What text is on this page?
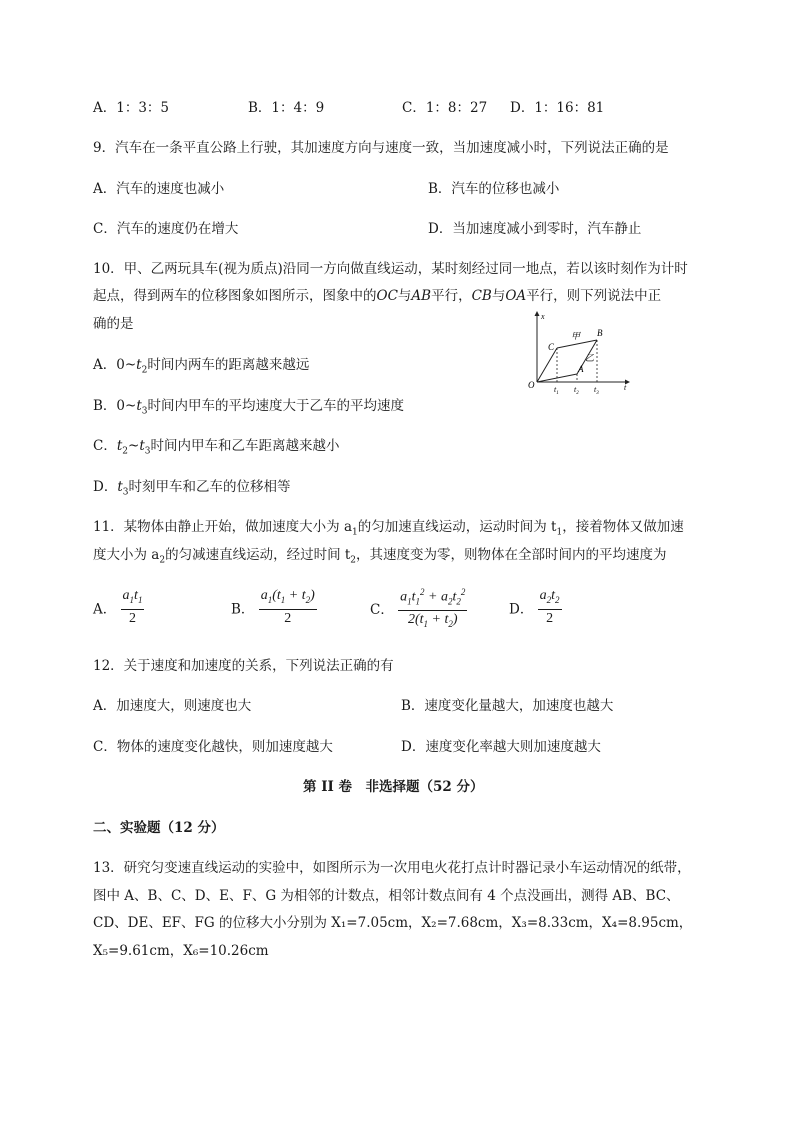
A．1：3：5	B．1：4：9	C．1：8：27 D．1：16：81
9．汽车在一条平直公路上行驶，其加速度方向与速度一致，当加速度减小时，下列说法正确的是
A．汽车的速度也减小	B．汽车的位移也减小
C．汽车的速度仍在增大	D．当加速度减小到零时，汽车静止
10．甲、乙两玩具车(视为质点)沿同一方向做直线运动，某时刻经过同一地点，若以该时刻作为计时
起点，得到两车的位移图象如图所示，图象中的OC与AB平行，CB与OA平行，则下列说法中正
确的是
A．$0\sim t_2$时间内两车的距离越来越远
B．$0\sim t_3$时间内甲车的平均速度大于乙车的平均速度
C．$t_2\sim t_3$时间内甲车和乙车距离越来越小
D．$t_3$时刻甲车和乙车的位移相等
x
t
O
C
B
A
甲
乙
$t_1$ $t_2$ $t_3$
11．某物体由静止开始，做加速度大小为 $a_1$的匀加速直线运动，运动时间为 $t_1$，接着物体又做加速
度大小为 $a_2$的匀减速直线运动，经过时间 $t_2$，其速度变为零，则物体在全部时间内的平均速度为
A． $\frac{a_1t_1}{2}$	B． $\frac{a_1(t_1 + t_2)}{2}$	C． $\frac{a_1t_1^2 + a_2t_2^2}{2(t_1 + t_2)}$	D． $\frac{a_2t_2}{2}$
12．关于速度和加速度的关系，下列说法正确的有
A．加速度大，则速度也大	B．速度变化量越大，加速度也越大
C．物体的速度变化越快，则加速度越大	D．速度变化率越大则加速度越大
第 II 卷　非选择题（52 分）
二、实验题（12 分）
13．研究匀变速直线运动的实验中，如图所示为一次用电火花打点计时器记录小车运动情况的纸带，
图中 A、B、C、D、E、F、G 为相邻的计数点，相邻计数点间有 4 个点没画出，测得 AB、BC、
CD、DE、EF、FG 的位移大小分别为 X₁=7.05cm，X₂=7.68cm，X₃=8.33cm，X₄=8.95cm，
X₅=9.61cm，X₆=10.26cm
